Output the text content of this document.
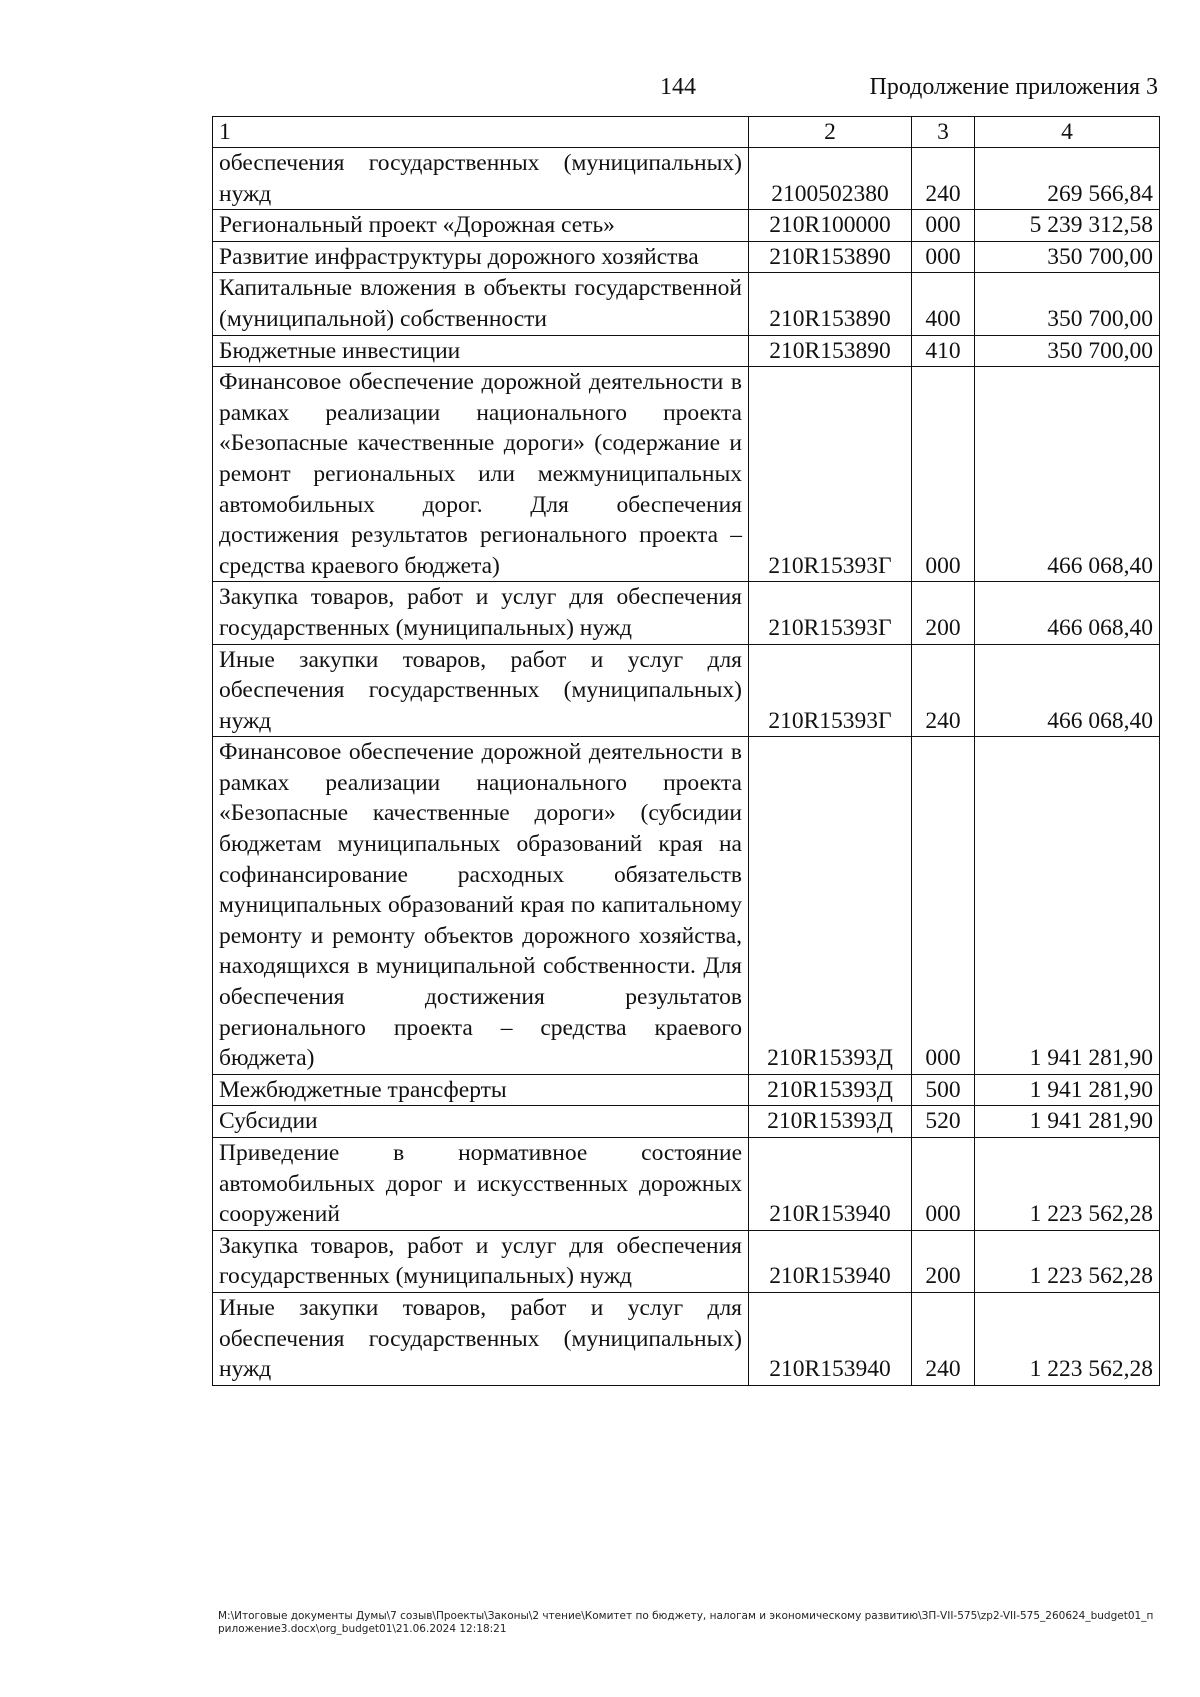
144	Продолжение приложения 3
1	2	3	4
обеспечения государственных (муниципальных) нужд	2100502380	240	269 566,84
Региональный проект «Дорожная сеть»	210R100000	000	5 239 312,58
Развитие инфраструктуры дорожного хозяйства	210R153890	000	350 700,00
Капитальные вложения в объекты государственной (муниципальной) собственности	210R153890	400	350 700,00
Бюджетные инвестиции	210R153890	410	350 700,00
Финансовое обеспечение дорожной деятельности в рамках реализации национального проекта «Безопасные качественные дороги» (содержание и ремонт региональных или межмуниципальных автомобильных дорог. Для обеспечения достижения результатов регионального проекта – средства краевого бюджета)	210R15393Г	000	466 068,40
Закупка товаров, работ и услуг для обеспечения государственных (муниципальных) нужд	210R15393Г	200	466 068,40
Иные закупки товаров, работ и услуг для обеспечения государственных (муниципальных) нужд	210R15393Г	240	466 068,40
Финансовое обеспечение дорожной деятельности в рамках реализации национального проекта «Безопасные качественные дороги» (субсидии бюджетам муниципальных образований края на софинансирование расходных обязательств муниципальных образований края по капитальному ремонту и ремонту объектов дорожного хозяйства, находящихся в муниципальной собственности. Для обеспечения достижения результатов регионального проекта – средства краевого бюджета)	210R15393Д	000	1 941 281,90
Межбюджетные трансферты	210R15393Д	500	1 941 281,90
Субсидии	210R15393Д	520	1 941 281,90
Приведение в нормативное состояние автомобильных дорог и искусственных дорожных сооружений	210R153940	000	1 223 562,28
Закупка товаров, работ и услуг для обеспечения государственных (муниципальных) нужд	210R153940	200	1 223 562,28
Иные закупки товаров, работ и услуг для обеспечения государственных (муниципальных) нужд	210R153940	240	1 223 562,28
M:\Итоговые документы Думы\7 созыв\Проекты\Законы\2 чтение\Комитет по бюджету, налогам и экономическому развитию\ЗП-VII-575\zp2-VII-575_260624_budget01_приложение3.docx\org_budget01\21.06.2024 12:18:21
